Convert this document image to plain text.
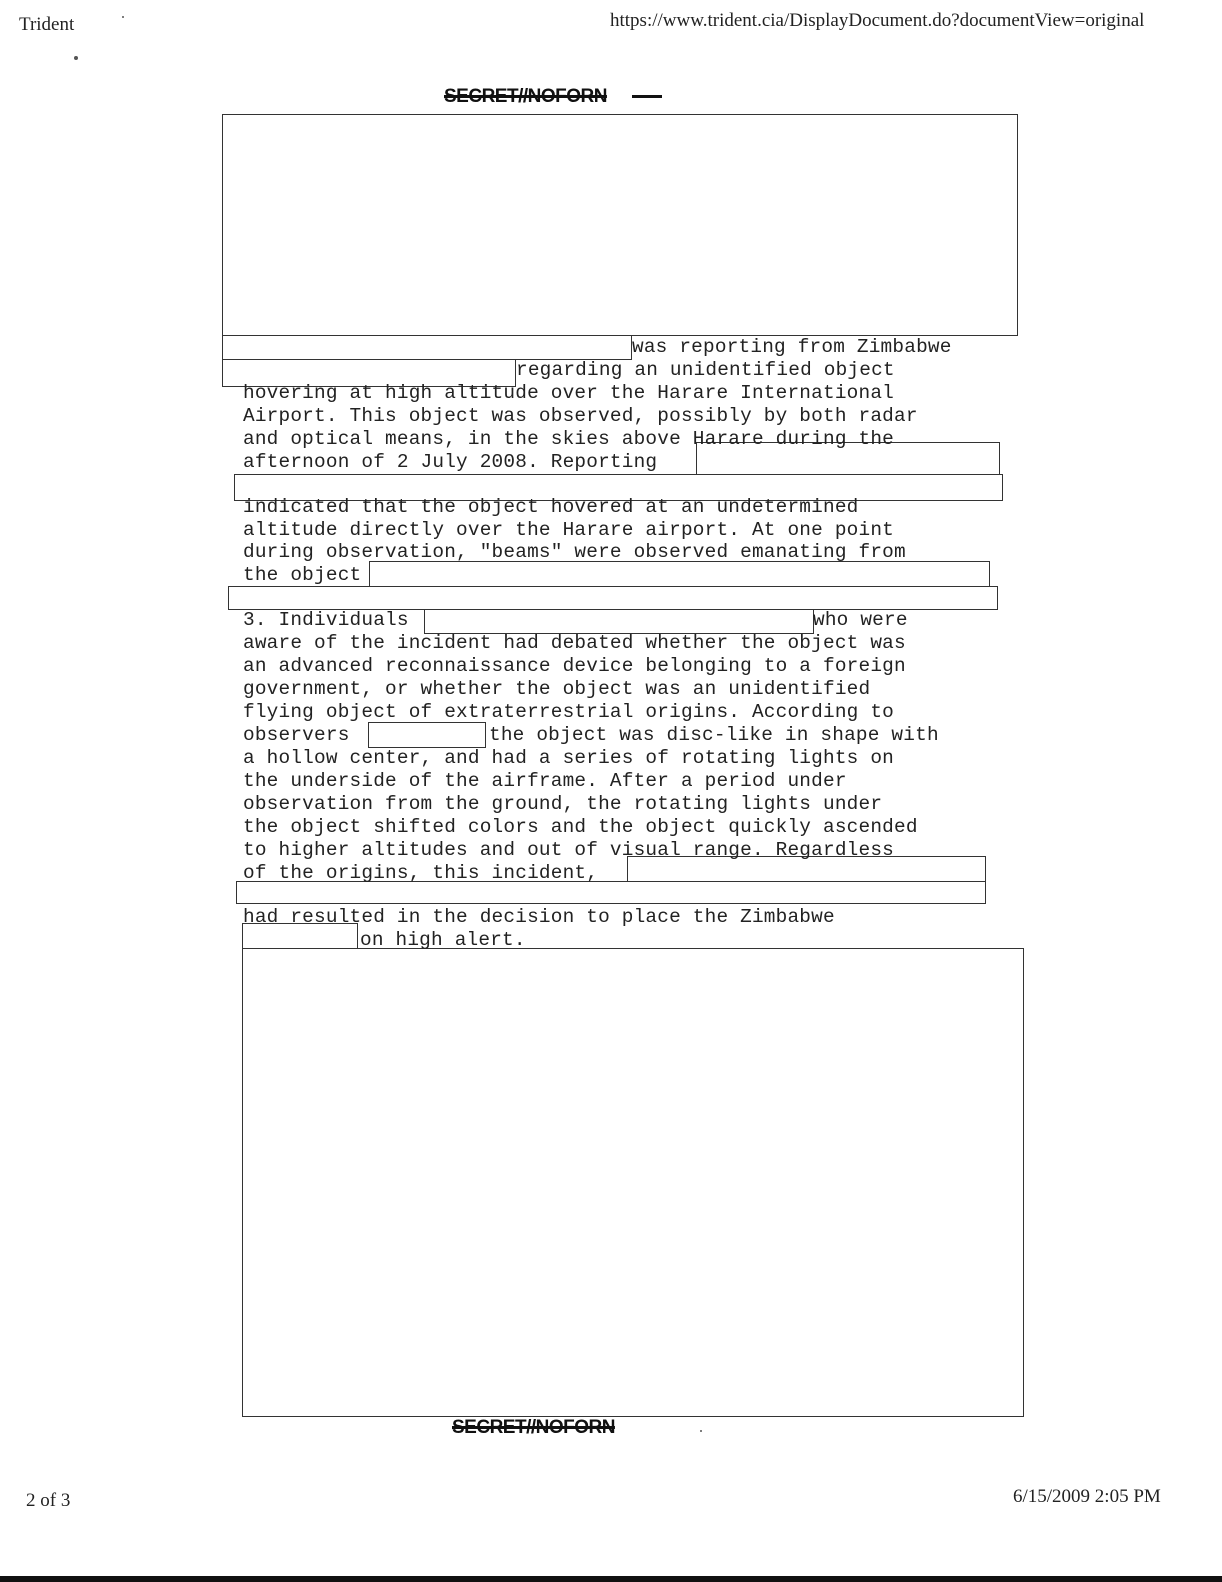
Trident	https://www.trident.cia/DisplayDocument.do?documentView=original
SECRET//NOFORN
was reporting from Zimbabwe
regarding an unidentified object
hovering at high altitude over the Harare International
Airport. This object was observed, possibly by both radar
and optical means, in the skies above Harare during the
afternoon of 2 July 2008. Reporting
indicated that the object hovered at an undetermined
altitude directly over the Harare airport. At one point
during observation, "beams" were observed emanating from
the object
3. Individuals	who were
aware of the incident had debated whether the object was
an advanced reconnaissance device belonging to a foreign
government, or whether the object was an unidentified
flying object of extraterrestrial origins. According to
observers	the object was disc-like in shape with
a hollow center, and had a series of rotating lights on
the underside of the airframe. After a period under
observation from the ground, the rotating lights under
the object shifted colors and the object quickly ascended
to higher altitudes and out of visual range. Regardless
of the origins, this incident,
had resulted in the decision to place the Zimbabwe
on high alert.
SECRET//NOFORN
2 of 3	6/15/2009 2:05 PM
